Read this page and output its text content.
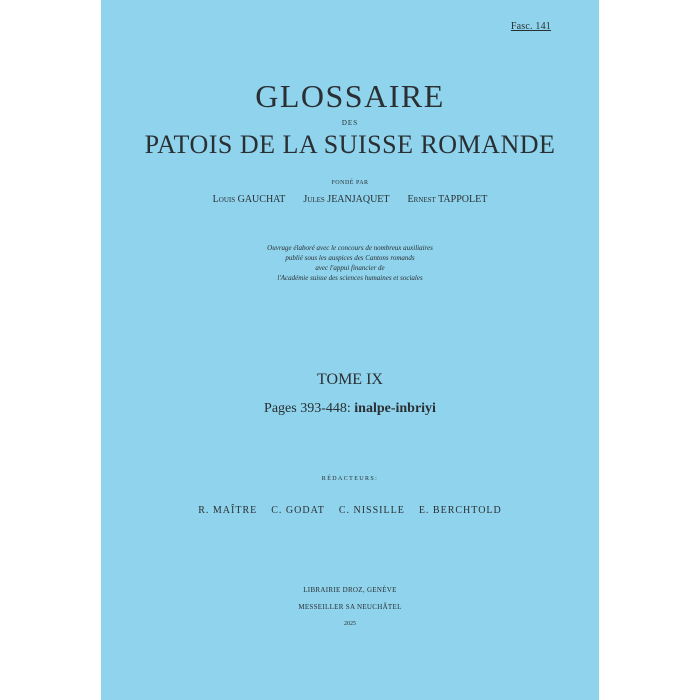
Fasc. 141
GLOSSAIRE
DES
PATOIS DE LA SUISSE ROMANDE
FONDÉ PAR
Louis GAUCHAT Jules JEANJAQUET Ernest TAPPOLET
Ouvrage élaboré avec le concours de nombreux auxiliaires
publié sous les auspices des Cantons romands
avec l'appui financier de
l'Académie suisse des sciences humaines et sociales
TOME IX
Pages 393-448: inalpe-inbriyi
RÉDACTEURS:
R. MAÎTRE C. GODAT C. NISSILLE E. BERCHTOLD
LIBRAIRIE DROZ, GENÈVE
MESSEILLER SA NEUCHÂTEL
2025
